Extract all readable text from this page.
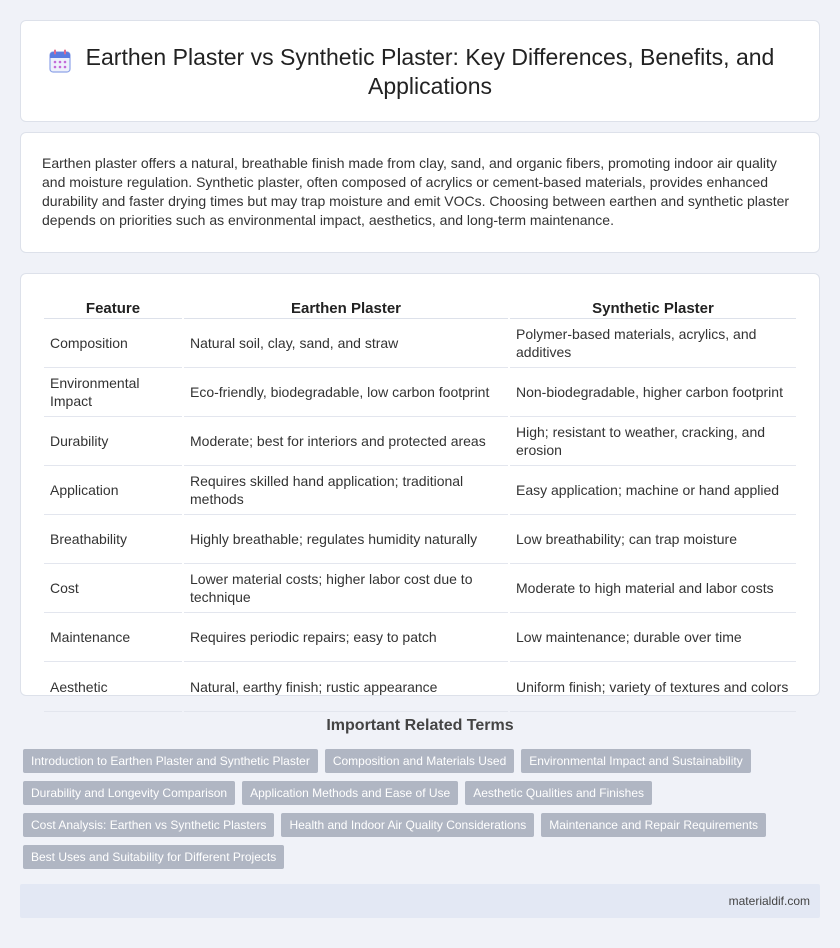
Earthen Plaster vs Synthetic Plaster: Key Differences, Benefits, and Applications

Earthen plaster offers a natural, breathable finish made from clay, sand, and organic fibers, promoting indoor air quality and moisture regulation. Synthetic plaster, often composed of acrylics or cement-based materials, provides enhanced durability and faster drying times but may trap moisture and emit VOCs. Choosing between earthen and synthetic plaster depends on priorities such as environmental impact, aesthetics, and long-term maintenance.

Feature	Earthen Plaster	Synthetic Plaster
Composition	Natural soil, clay, sand, and straw	Polymer-based materials, acrylics, and additives
Environmental Impact	Eco-friendly, biodegradable, low carbon footprint	Non-biodegradable, higher carbon footprint
Durability	Moderate; best for interiors and protected areas	High; resistant to weather, cracking, and erosion
Application	Requires skilled hand application; traditional methods	Easy application; machine or hand applied
Breathability	Highly breathable; regulates humidity naturally	Low breathability; can trap moisture
Cost	Lower material costs; higher labor cost due to technique	Moderate to high material and labor costs
Maintenance	Requires periodic repairs; easy to patch	Low maintenance; durable over time
Aesthetic	Natural, earthy finish; rustic appearance	Uniform finish; variety of textures and colors
Important Related Terms
Introduction to Earthen Plaster and Synthetic Plaster	Composition and Materials Used	Environmental Impact and Sustainability
Durability and Longevity Comparison	Application Methods and Ease of Use	Aesthetic Qualities and Finishes
Cost Analysis: Earthen vs Synthetic Plasters	Health and Indoor Air Quality Considerations	Maintenance and Repair Requirements
Best Uses and Suitability for Different Projects
materialdif.com
